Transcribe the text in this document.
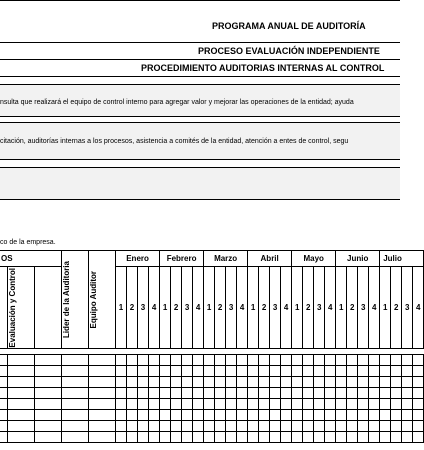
PROGRAMA ANUAL DE AUDITORÍA
PROCESO EVALUACIÓN INDEPENDIENTE
PROCEDIMIENTO AUDITORIAS INTERNAS AL CONTROL
nsulta que realizará el equipo de control interno para agregar valor y mejorar las operaciones de la entidad; ayuda
citación, auditorías internas a los procesos, asistencia a comités de la entidad, atención a entes de control, segu
co de la empresa.
OS			Lider de la Auditoria	Equipo Auditor	Enero				Febrero				Marzo				Abril				Mayo				Junio				Julio			

	Evaluación y Control				1	2	3	4	1	2	3	4	1	2	3	4	1	2	3	4	1	2	3	4	1	2	3	4	1	2	3	4
